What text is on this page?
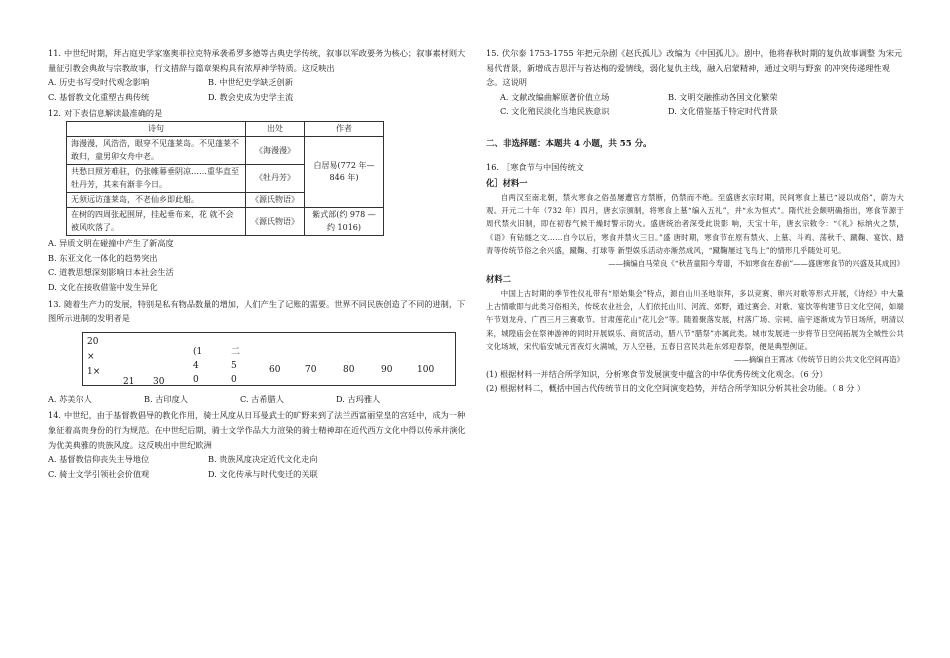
11. 中世纪时期，拜占庭史学家塞奥菲拉克特承袭希罗多德等古典史学传统，叙事以军政要务为核心；叙事素材则大量征引教会典故与宗教故事，行文措辞与篇章架构具有浓厚神学特质。这反映出
A. 历史书写受时代观念影响	B. 中世纪史学缺乏创新
C. 基督教文化重塑古典传统	D. 教会史成为史学主流
12. 对下表信息解读最准确的是
诗句	出处	作者
海漫漫，风浩浩，眼穿不见蓬莱岛。不见蓬莱不敢归，童男卯女舟中老。	《海漫漫》	白居易(772 年—846 年)
共愁日照芳难驻，仍张帷幕垂阴凉……重华直至牡丹芳，其来有渐非今日。	《牡丹芳》	
无须远访蓬莱岛，不老仙乡即此船。	《源氏物语》	
在树的四周张起围屏，挂起垂布来，花 就不会被风吹落了。	《源氏物语》	紫式部(约 978 —约 1016)
A. 异质文明在碰撞中产生了新高度
B. 东亚文化一体化的趋势突出
C. 道教思想深刻影响日本社会生活
D. 文化在接收借鉴中发生异化
13. 随着生产力的发展，特别是私有物品数量的增加，人们产生了记账的需要。世界不同民族创造了不同的进制，下图所示进制的发明者是
20
×
1×
21 30
(1
4
0
二
5
0
60	70	80	90	100
A. 苏美尔人	B. 古印度人	C. 古希腊人	D. 古玛雅人
14. 中世纪，由于基督教倡导的教化作用，骑士风度从日耳曼武士的旷野来到了法兰西富丽堂皇的宫廷中，成为一种象征着高贵身份的行为规范。在中世纪后期，骑士文学作品大力渲染的骑士精神却在近代西方文化中得以传承并演化为优美典雅的贵族风度。这反映出中世纪欧洲
A. 基督教信仰丧失主导地位	B. 贵族风度决定近代文化走向
C. 骑士文学引领社会价值观	D. 文化传承与时代变迁的关联
15. 伏尔泰 1753-1755 年把元杂剧《赵氏孤儿》改编为《中国孤儿》。剧中，他将春秋时期的复仇故事调整 为宋元易代背景，新增成吉思汗与苔达梅的爱情线，弱化复仇主线，融入启蒙精神，通过文明与野蛮 的冲突传递理性观念。这说明
A. 文献改编曲解原著价值立场	B. 文明交融推动各国文化繁荣
C. 文化殖民淡化当地民族意识	D. 文化借鉴基于特定时代背景
二、非选择题：本题共 4 小题，共 55 分。
16. ［寒食节与中国传统文
化］材料一

自两汉至南北朝，禁火寒食之俗虽屡遭官方禁断，仍禁而不绝。至盛唐玄宗时期，民间寒食上墓已“浸以成俗”，蔚为大观。开元二十年（732 年）四月，唐玄宗颁制，将寒食上墓“编入五礼”，并“永为恒式”。隋代社会颇明确指出，寒食节源于周代禁火旧制，即在初春气候干燥时警示防火。盛唐统治者深受此说影 响，天宝十年，唐玄宗敕令：“《礼》标纳火之禁，《语》有钻燧之文……自今以后，寒食并禁火三日。”盛 唐时期，寒食节在原有禁火、上墓、斗鸡、荡秋千、蹴鞠、宴饮、踏青等传统节俗之余兴盛，蹴鞠、打球等 新型娱乐活动亦渐然成风，“蹴鞠屡过飞鸟上”的情形几乎随处可见。

——摘编自马荣良《“秋昔童阳今寿谱，不如寒食在春前”——盛唐寒食节的兴盛及其成因》

材料二

中国上古时期的季节性仪礼带有“原始集会”特点，源自山川圣地崇拜，多以竞赛、卵兴对歌等形式开展，《诗经》中大量上古情歌即与此类习俗相关，传统农业社会，人们依托山川、河流、郊野，通过赛会、对歌、宴饮等构建节日文化空间，如端午节划龙舟、广西三月三赛歌节、甘肃莲花山“花儿会”等。随着聚落发展，村落广场、宗祠、庙宇逐渐成为节日场所，明清以来，城隍庙会在祭神游神的同时开展娱乐、商贸活动，腊八节“腊祭”亦属此类。城市发展进一步将节日空间拓展为全城性公共文化场域，宋代临安城元宵夜灯火满城，万人空巷，五春日宫民共赴东郊迎春祭，便是典型例证。

——摘编自王霄冰《传统节日的公共文化空间再造》

(1) 根据材料一并结合所学知识，分析寒食节发展演变中蕴含的中华优秀传统文化观念。（6 分）

(2) 根据材料二，概括中国古代传统节日的文化空间演变趋势，并结合所学知识分析其社会功能。（ 8 分 ）
